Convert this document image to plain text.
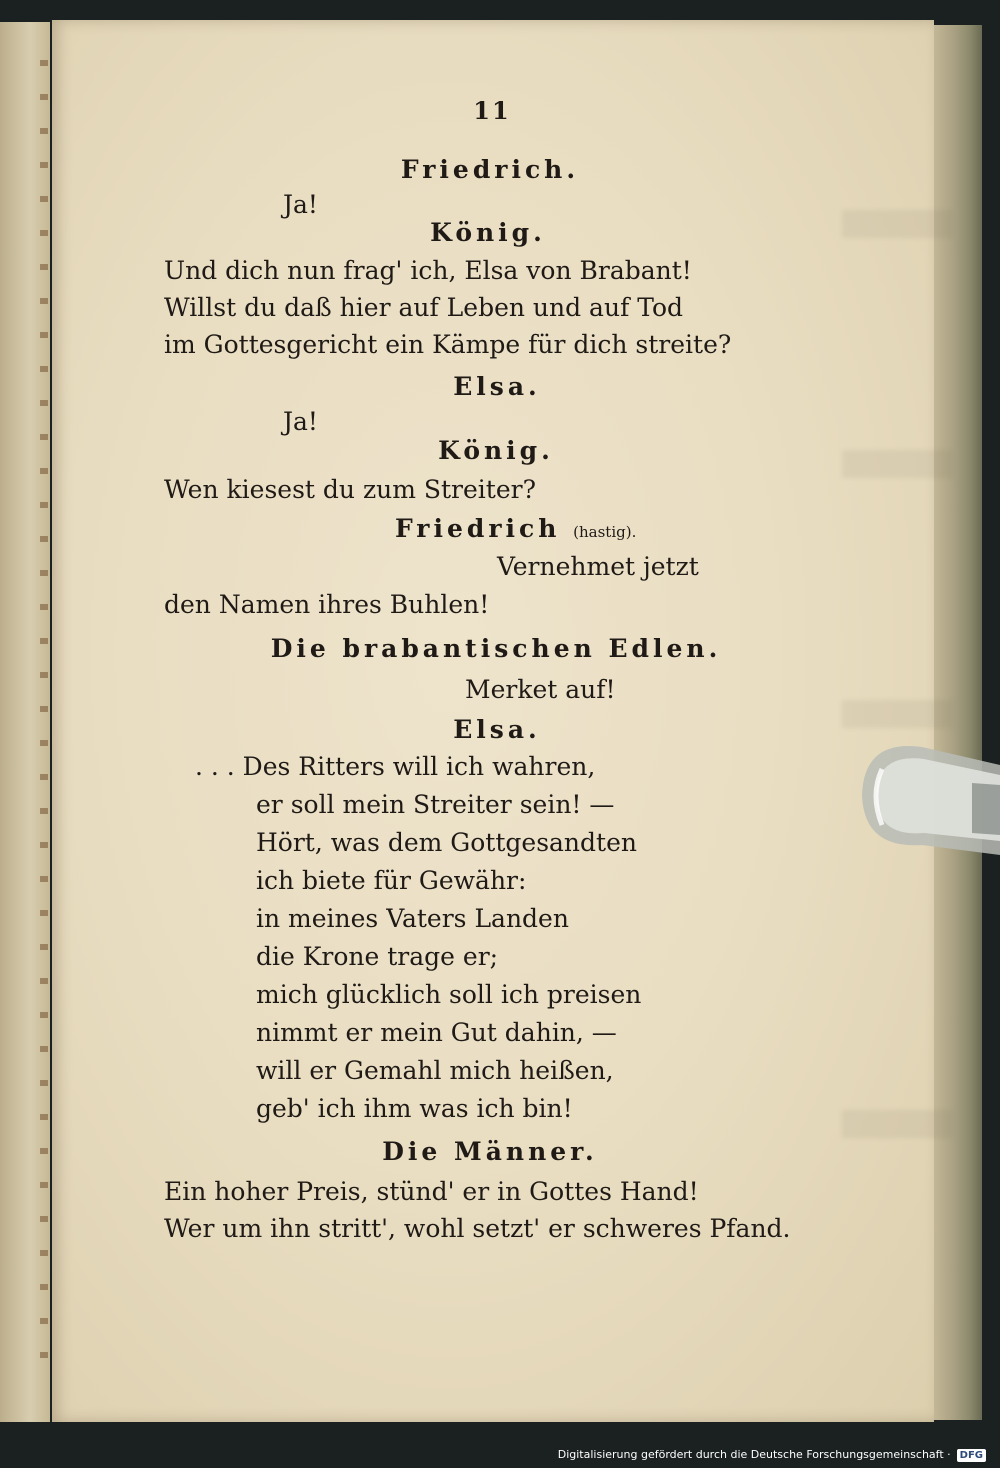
11
Friedrich.
Ja!
König.
Und dich nun frag' ich, Elsa von Brabant!
Willst du daß hier auf Leben und auf Tod
im Gottesgericht ein Kämpe für dich streite?
Elsa.
Ja!
König.
Wen kiesest du zum Streiter?
Friedrich (hastig).
Vernehmet jetzt
den Namen ihres Buhlen!
Die brabantischen Edlen.
Merket auf!
Elsa.
. . . Des Ritters will ich wahren,
er soll mein Streiter sein! —
Hört, was dem Gottgesandten
ich biete für Gewähr:
in meines Vaters Landen
die Krone trage er;
mich glücklich soll ich preisen
nimmt er mein Gut dahin, —
will er Gemahl mich heißen,
geb' ich ihm was ich bin!
Die Männer.
Ein hoher Preis, stünd' er in Gottes Hand!
Wer um ihn stritt', wohl setzt' er schweres Pfand.
Digitalisierung gefördert durch die Deutsche Forschungsgemeinschaft · DFG
